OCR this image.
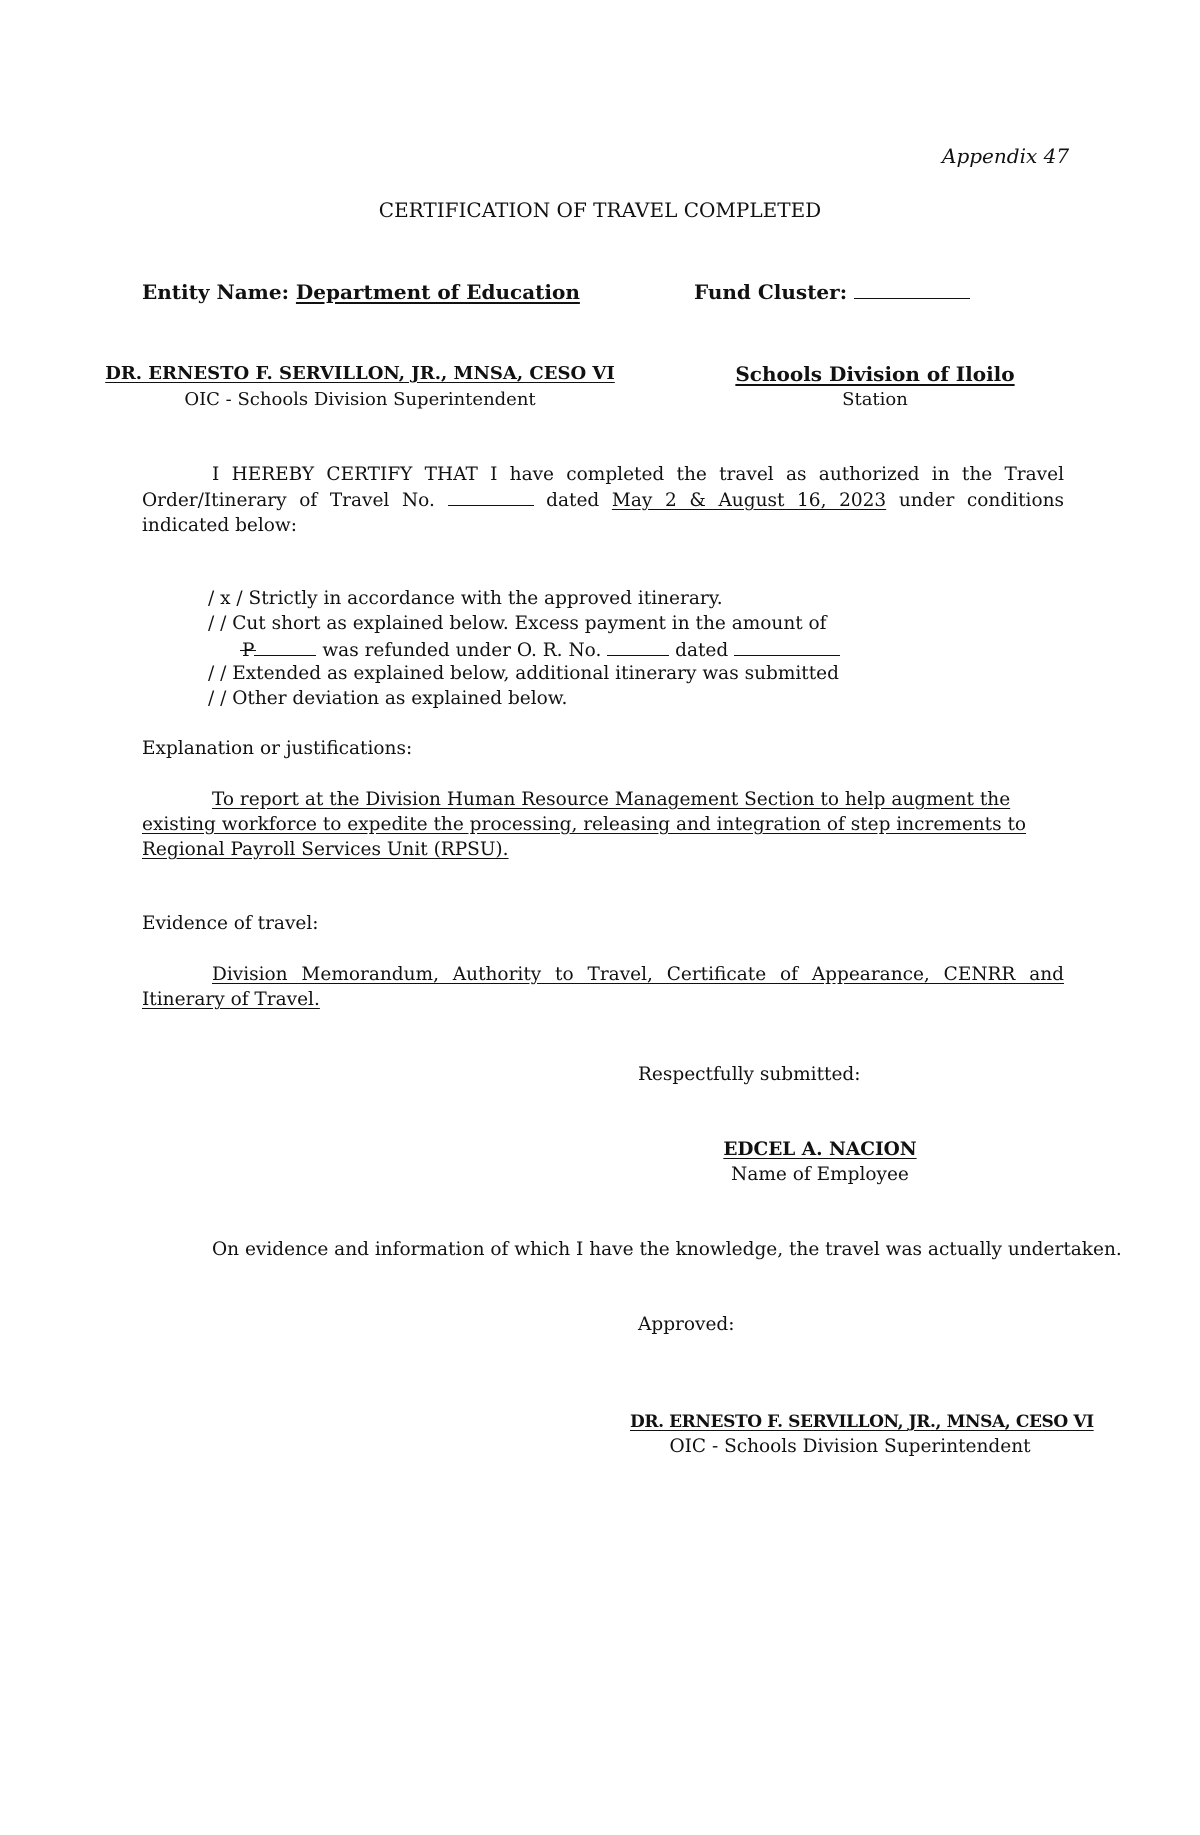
Appendix 47
CERTIFICATION OF TRAVEL COMPLETED
Entity Name: Department of Education	Fund Cluster:
DR. ERNESTO F. SERVILLON, JR., MNSA, CESO VI
OIC - Schools Division Superintendent
Schools Division of Iloilo
Station
I HEREBY CERTIFY THAT I have completed the travel as authorized in the Travel Order/Itinerary of Travel No.	dated May 2 & August 16, 2023 under conditions indicated below:
/ x / Strictly in accordance with the approved itinerary.
/ / Cut short as explained below. Excess payment in the amount of
P	was refunded under O. R. No.	dated
/ / Extended as explained below, additional itinerary was submitted
/ / Other deviation as explained below.
Explanation or justifications:
To report at the Division Human Resource Management Section to help augment the existing workforce to expedite the processing, releasing and integration of step increments to Regional Payroll Services Unit (RPSU).
Evidence of travel:
Division Memorandum, Authority to Travel, Certificate of Appearance, CENRR and Itinerary of Travel.
Respectfully submitted:
EDCEL A. NACION
Name of Employee
On evidence and information of which I have the knowledge, the travel was actually undertaken.
Approved:
DR. ERNESTO F. SERVILLON, JR., MNSA, CESO VI
OIC - Schools Division Superintendent
